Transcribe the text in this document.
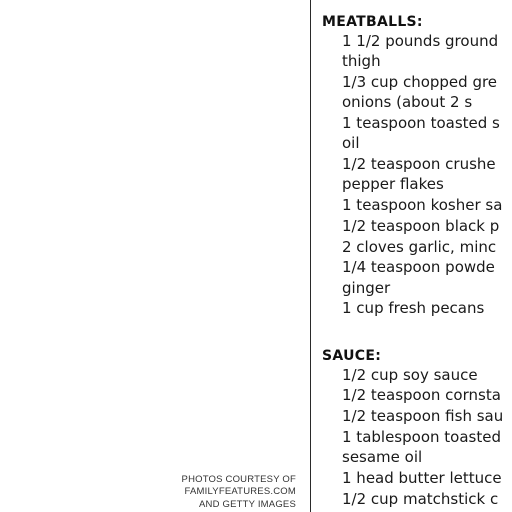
PHOTOS COURTESY OF
FAMILYFEATURES.COM
AND GETTY IMAGES
MEATBALLS:
1 1/2 pounds ground
thigh
1/3 cup chopped gre
onions (about 2 s
1 teaspoon toasted s
oil
1/2 teaspoon crushe
pepper flakes
1 teaspoon kosher sa
1/2 teaspoon black p
2 cloves garlic, minc
1/4 teaspoon powde
ginger
1 cup fresh pecans
SAUCE:
1/2 cup soy sauce
1/2 teaspoon cornsta
1/2 teaspoon fish sau
1 tablespoon toasted
sesame oil
1 head butter lettuce
1/2 cup matchstick c
